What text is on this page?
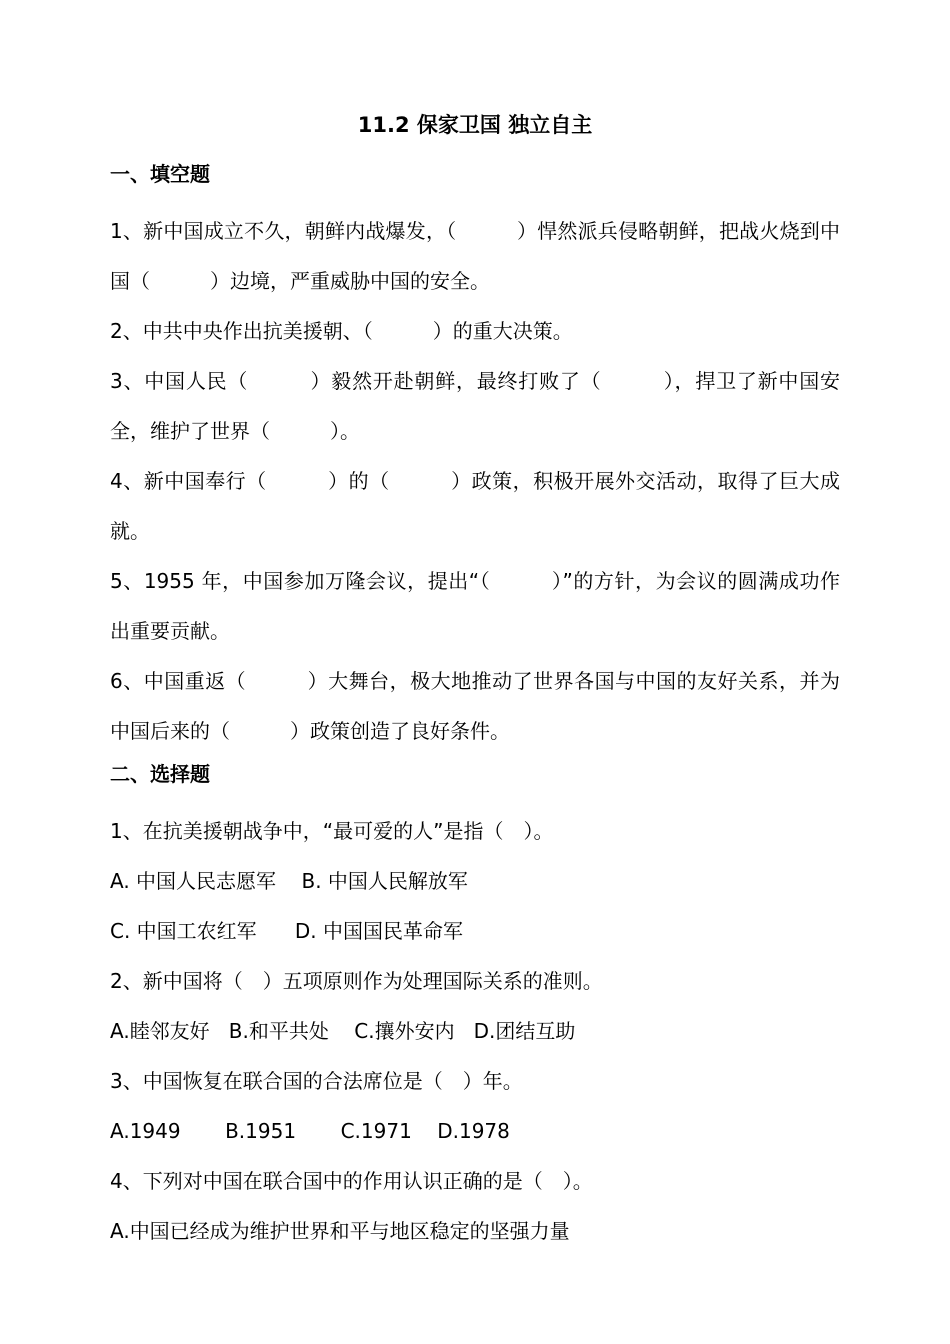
11.2 保家卫国 独立自主
一、填空题
1、新中国成立不久，朝鲜内战爆发，（　　　）悍然派兵侵略朝鲜，把战火烧到中国（　　　）边境，严重威胁中国的安全。
2、中共中央作出抗美援朝、（　　　）的重大决策。
3、中国人民（　　　）毅然开赴朝鲜，最终打败了（　　　），捍卫了新中国安全，维护了世界（　　　）。
4、新中国奉行（　　　）的（　　　）政策，积极开展外交活动，取得了巨大成就。
5、1955 年，中国参加万隆会议，提出“（　　　）”的方针，为会议的圆满成功作出重要贡献。
6、中国重返（　　　）大舞台，极大地推动了世界各国与中国的友好关系，并为中国后来的（　　　）政策创造了良好条件。
二、选择题
1、在抗美援朝战争中，“最可爱的人”是指（　）。
A. 中国人民志愿军    B. 中国人民解放军
C. 中国工农红军      D. 中国国民革命军
2、新中国将（　）五项原则作为处理国际关系的准则。
A.睦邻友好   B.和平共处    C.攘外安内   D.团结互助
3、中国恢复在联合国的合法席位是（　）年。
A.1949       B.1951       C.1971    D.1978
4、下列对中国在联合国中的作用认识正确的是（　）。
A.中国已经成为维护世界和平与地区稳定的坚强力量
